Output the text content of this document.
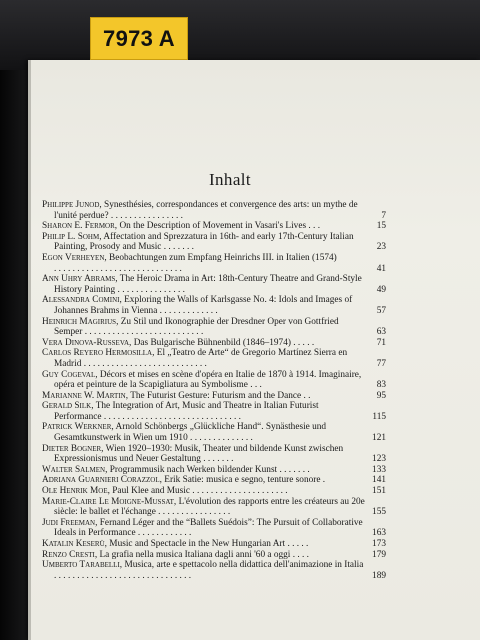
7973 A
Inhalt
Philippe Junod, Synesthésies, correspondances et convergence des arts: un mythe de l'unité perdue? . . . . . . . . . . . . . . . .	7
Sharon E. Fermor, On the Description of Movement in Vasari's Lives . . .	15
Philip L. Sohm, Affectation and Sprezzatura in 16th- and early 17th-Century Italian Painting, Prosody and Music . . . . . . .	23
Egon Verheyen, Beobachtungen zum Empfang Heinrichs III. in Italien (1574) . . . . . . . . . . . . . . . . . . . . . . . . . . . .	41
Ann Uhry Abrams, The Heroic Drama in Art: 18th-Century Theatre and Grand-Style History Painting . . . . . . . . . . . . . . .	49
Alessandra Comini, Exploring the Walls of Karlsgasse No. 4: Idols and Images of Johannes Brahms in Vienna . . . . . . . . . . . . .	57
Heinrich Magirius, Zu Stil und Ikonographie der Dresdner Oper von Gottfried Semper . . . . . . . . . . . . . . . . . . . . . . . . . .	63
Vera Dinova-Russeva, Das Bulgarische Bühnenbild (1846–1974) . . . . .	71
Carlos Reyero Hermosilla, El „Teatro de Arte“ de Gregorio Martínez Sierra en Madrid . . . . . . . . . . . . . . . . . . . . . . . . . . .	77
Guy Cogeval, Décors et mises en scène d'opéra en Italie de 1870 à 1914. Imaginaire, opéra et peinture de la Scapigliatura au Symbolisme . . .	83
Marianne W. Martin, The Futurist Gesture: Futurism and the Dance . .	95
Gerald Silk, The Integration of Art, Music and Theatre in Italian Futurist Performance . . . . . . . . . . . . . . . . . . . . . . . . . . . . . .	115
Patrick Werkner, Arnold Schönbergs „Glückliche Hand“. Synästhesie und Gesamtkunstwerk in Wien um 1910 . . . . . . . . . . . . . .	121
Dieter Bogner, Wien 1920–1930: Musik, Theater und bildende Kunst zwischen Expressionismus und Neuer Gestaltung . . . . . . .	123
Walter Salmen, Programmusik nach Werken bildender Kunst . . . . . . .	133
Adriana Guarnieri Corazzol, Erik Satie: musica e segno, tenture sonore .	141
Ole Henrik Moe, Paul Klee and Music . . . . . . . . . . . . . . . . . . . . .	151
Marie-Claire Le Moigne-Mussat, L'évolution des rapports entre les créateurs au 20e siècle: le ballet et l'échange . . . . . . . . . . . . . . . .	155
Judi Freeman, Fernand Léger and the “Ballets Suédois”: The Pursuit of Collaborative Ideals in Performance . . . . . . . . . . . .	163
Katalin Keserü, Music and Spectacle in the New Hungarian Art . . . . .	173
Renzo Cresti, La grafia nella musica Italiana dagli anni '60 a oggi . . . .	179
Umberto Tarabelli, Musica, arte e spettacolo nella didattica dell'animazione in Italia . . . . . . . . . . . . . . . . . . . . . . . . . . . . . .	189
